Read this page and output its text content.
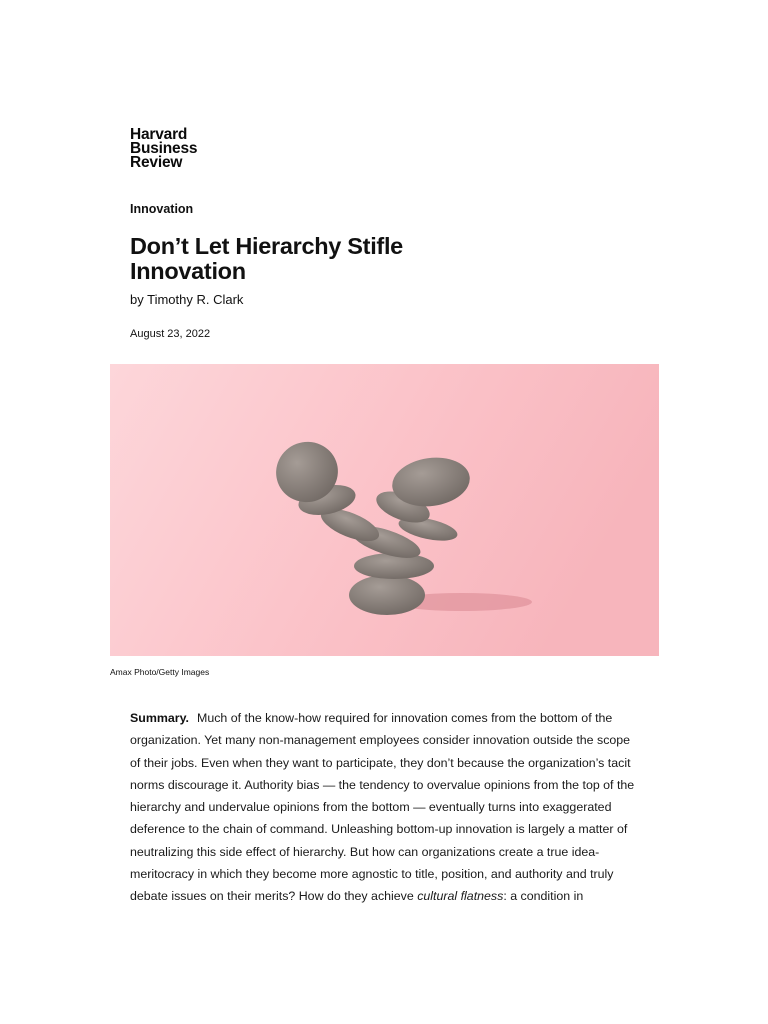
Harvard
Business
Review
Innovation
Don’t Let Hierarchy Stifle Innovation
by Timothy R. Clark
August 23, 2022
Amax Photo/Getty Images

Summary. Much of the know-how required for innovation comes from the bottom of the organization. Yet many non-management employees consider innovation outside the scope of their jobs. Even when they want to participate, they don’t because the organization’s tacit norms discourage it. Authority bias — the tendency to overvalue opinions from the top of the hierarchy and undervalue opinions from the bottom — eventually turns into exaggerated deference to the chain of command. Unleashing bottom-up innovation is largely a matter of neutralizing this side effect of hierarchy. But how can organizations create a true idea-meritocracy in which they become more agnostic to title, position, and authority and truly debate issues on their merits? How do they achieve cultural flatness: a condition in
